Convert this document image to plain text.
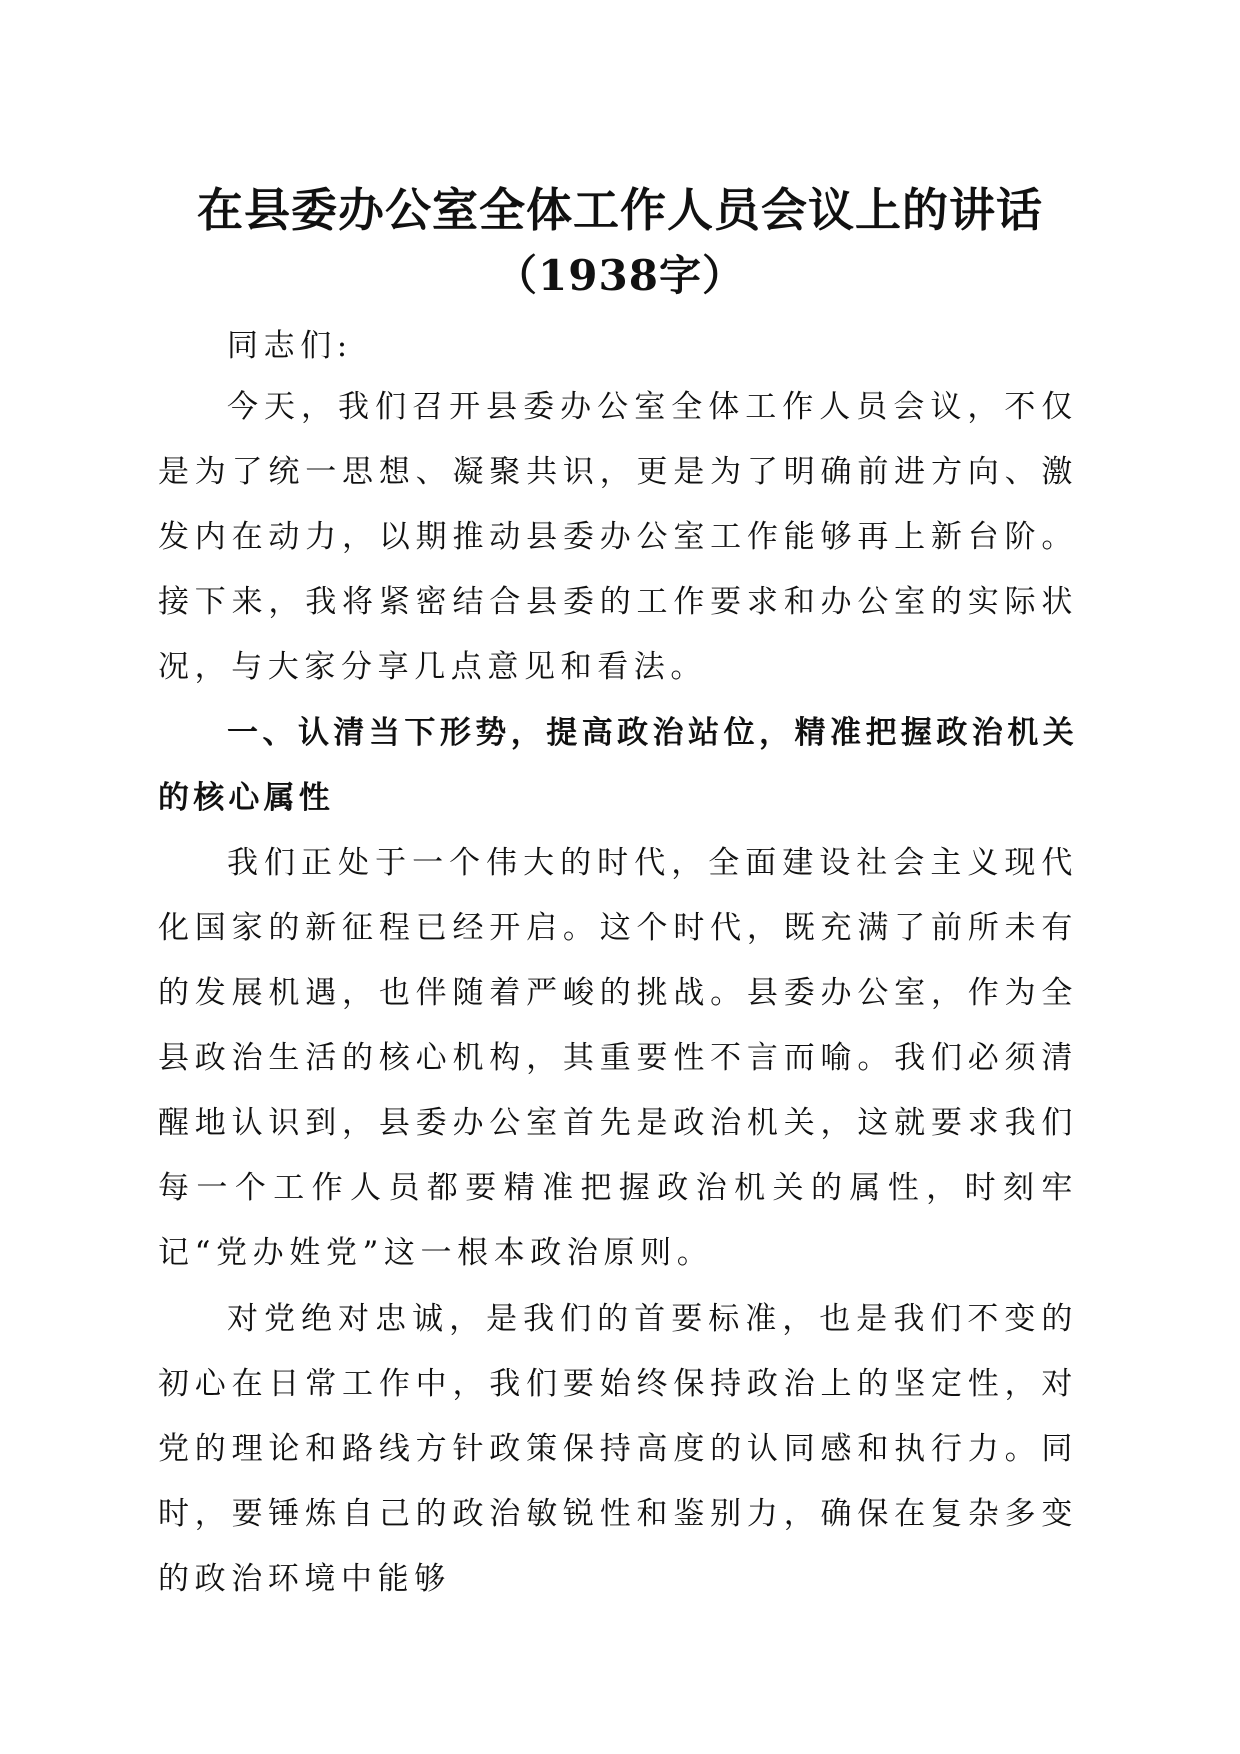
在县委办公室全体工作人员会议上的讲话
（1938字）

同志们:

今天，我们召开县委办公室全体工作人员会议，不仅是为了统一思想、凝聚共识，更是为了明确前进方向、激发内在动力，以期推动县委办公室工作能够再上新台阶。接下来，我将紧密结合县委的工作要求和办公室的实际状况，与大家分享几点意见和看法。

一、认清当下形势，提高政治站位，精准把握政治机关的核心属性

我们正处于一个伟大的时代，全面建设社会主义现代化国家的新征程已经开启。这个时代，既充满了前所未有的发展机遇，也伴随着严峻的挑战。县委办公室，作为全县政治生活的核心机构，其重要性不言而喻。我们必须清醒地认识到，县委办公室首先是政治机关，这就要求我们每一个工作人员都要精准把握政治机关的属性，时刻牢记“党办姓党”这一根本政治原则。

对党绝对忠诚，是我们的首要标准，也是我们不变的初心在日常工作中，我们要始终保持政治上的坚定性，对党的理论和路线方针政策保持高度的认同感和执行力。同时，要锤炼自己的政治敏锐性和鉴别力，确保在复杂多变的政治环境中能够
